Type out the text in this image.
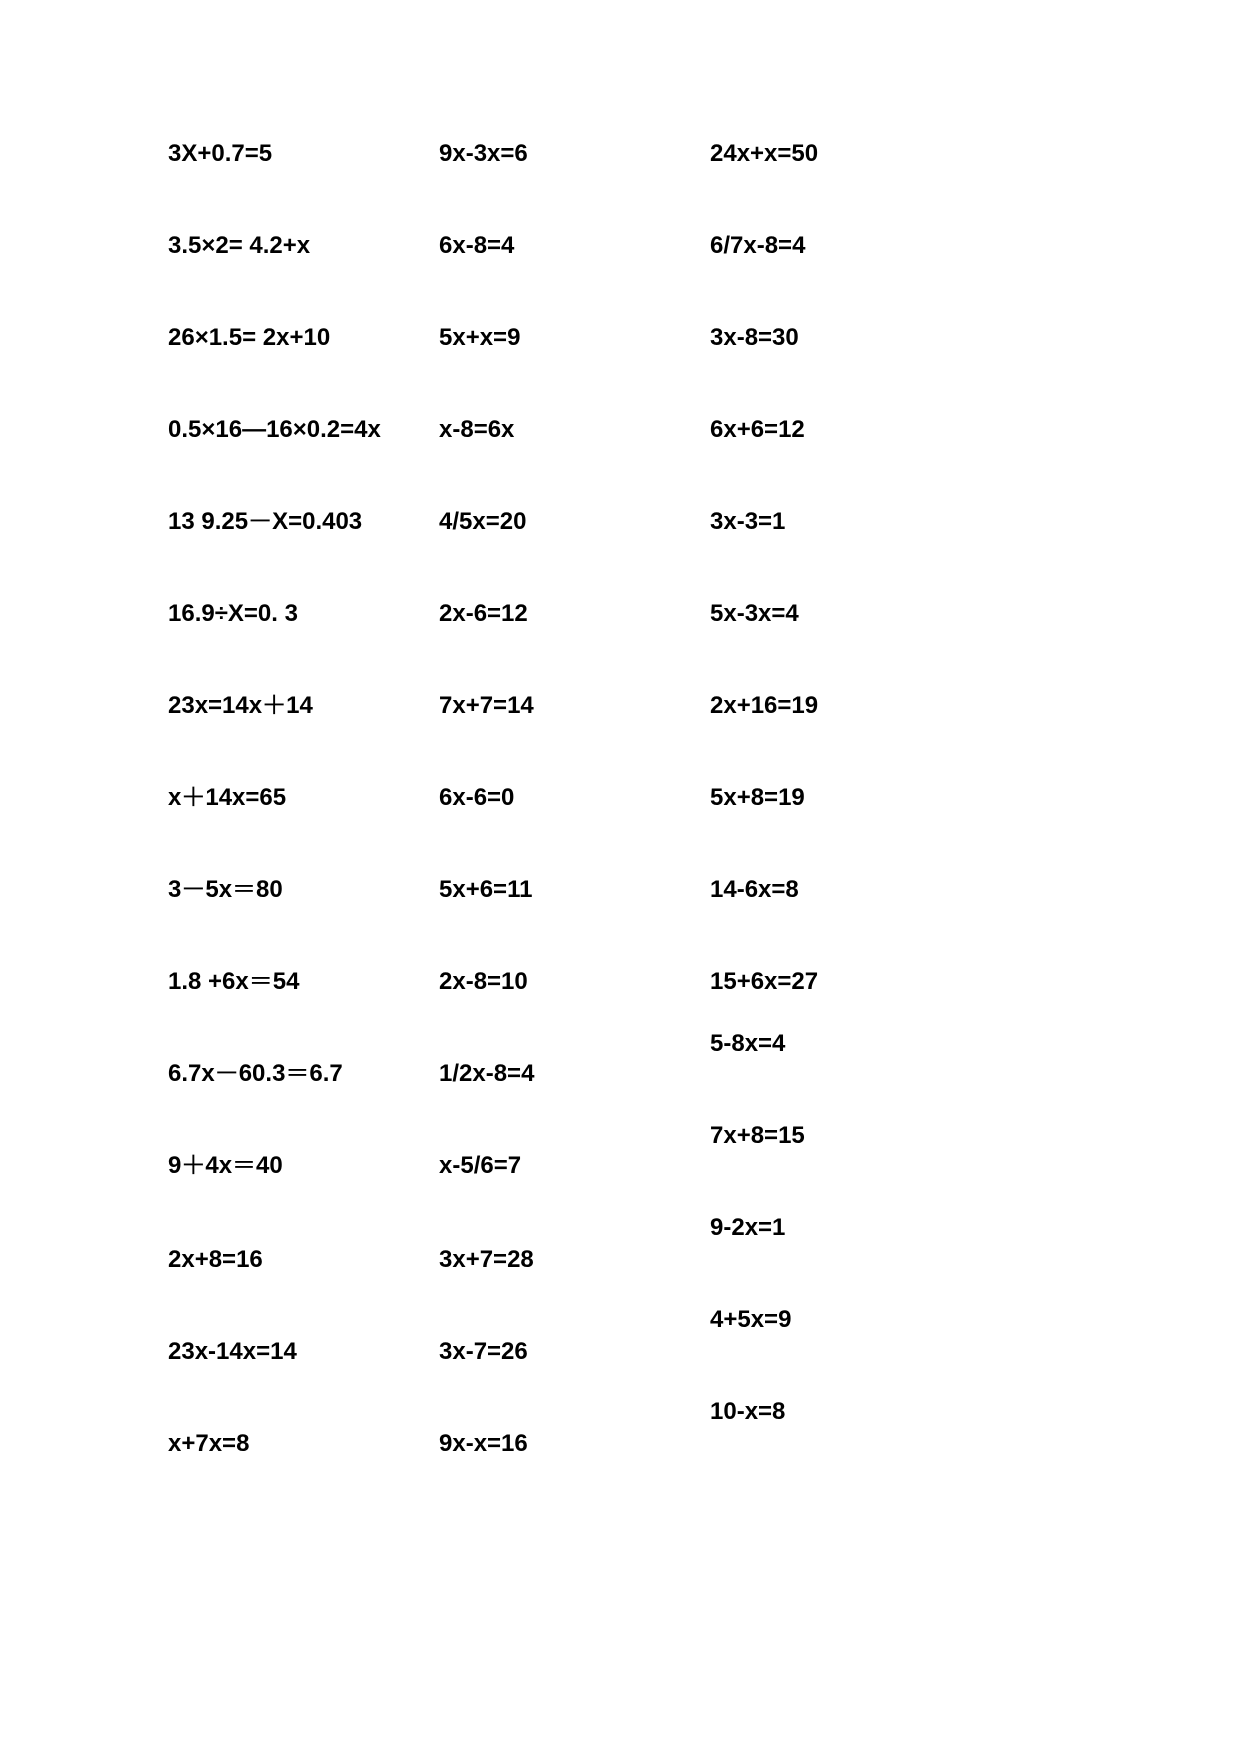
3X+0.7=5
3.5×2= 4.2+x
26×1.5= 2x+10
0.5×16—16×0.2=4x
13 9.25－X=0.403
16.9÷X=0. 3
23x=14x＋14
x＋14x=65
3－5x＝80
1.8 +6x＝54
6.7x－60.3＝6.7
9＋4x＝40
2x+8=16
23x-14x=14
x+7x=8
9x-3x=6
6x-8=4
5x+x=9
x-8=6x
4/5x=20
2x-6=12
7x+7=14
6x-6=0
5x+6=11
2x-8=10
1/2x-8=4
x-5/6=7
3x+7=28
3x-7=26
9x-x=16
24x+x=50
6/7x-8=4
3x-8=30
6x+6=12
3x-3=1
5x-3x=4
2x+16=19
5x+8=19
14-6x=8
15+6x=27
5-8x=4
7x+8=15
9-2x=1
4+5x=9
10-x=8
